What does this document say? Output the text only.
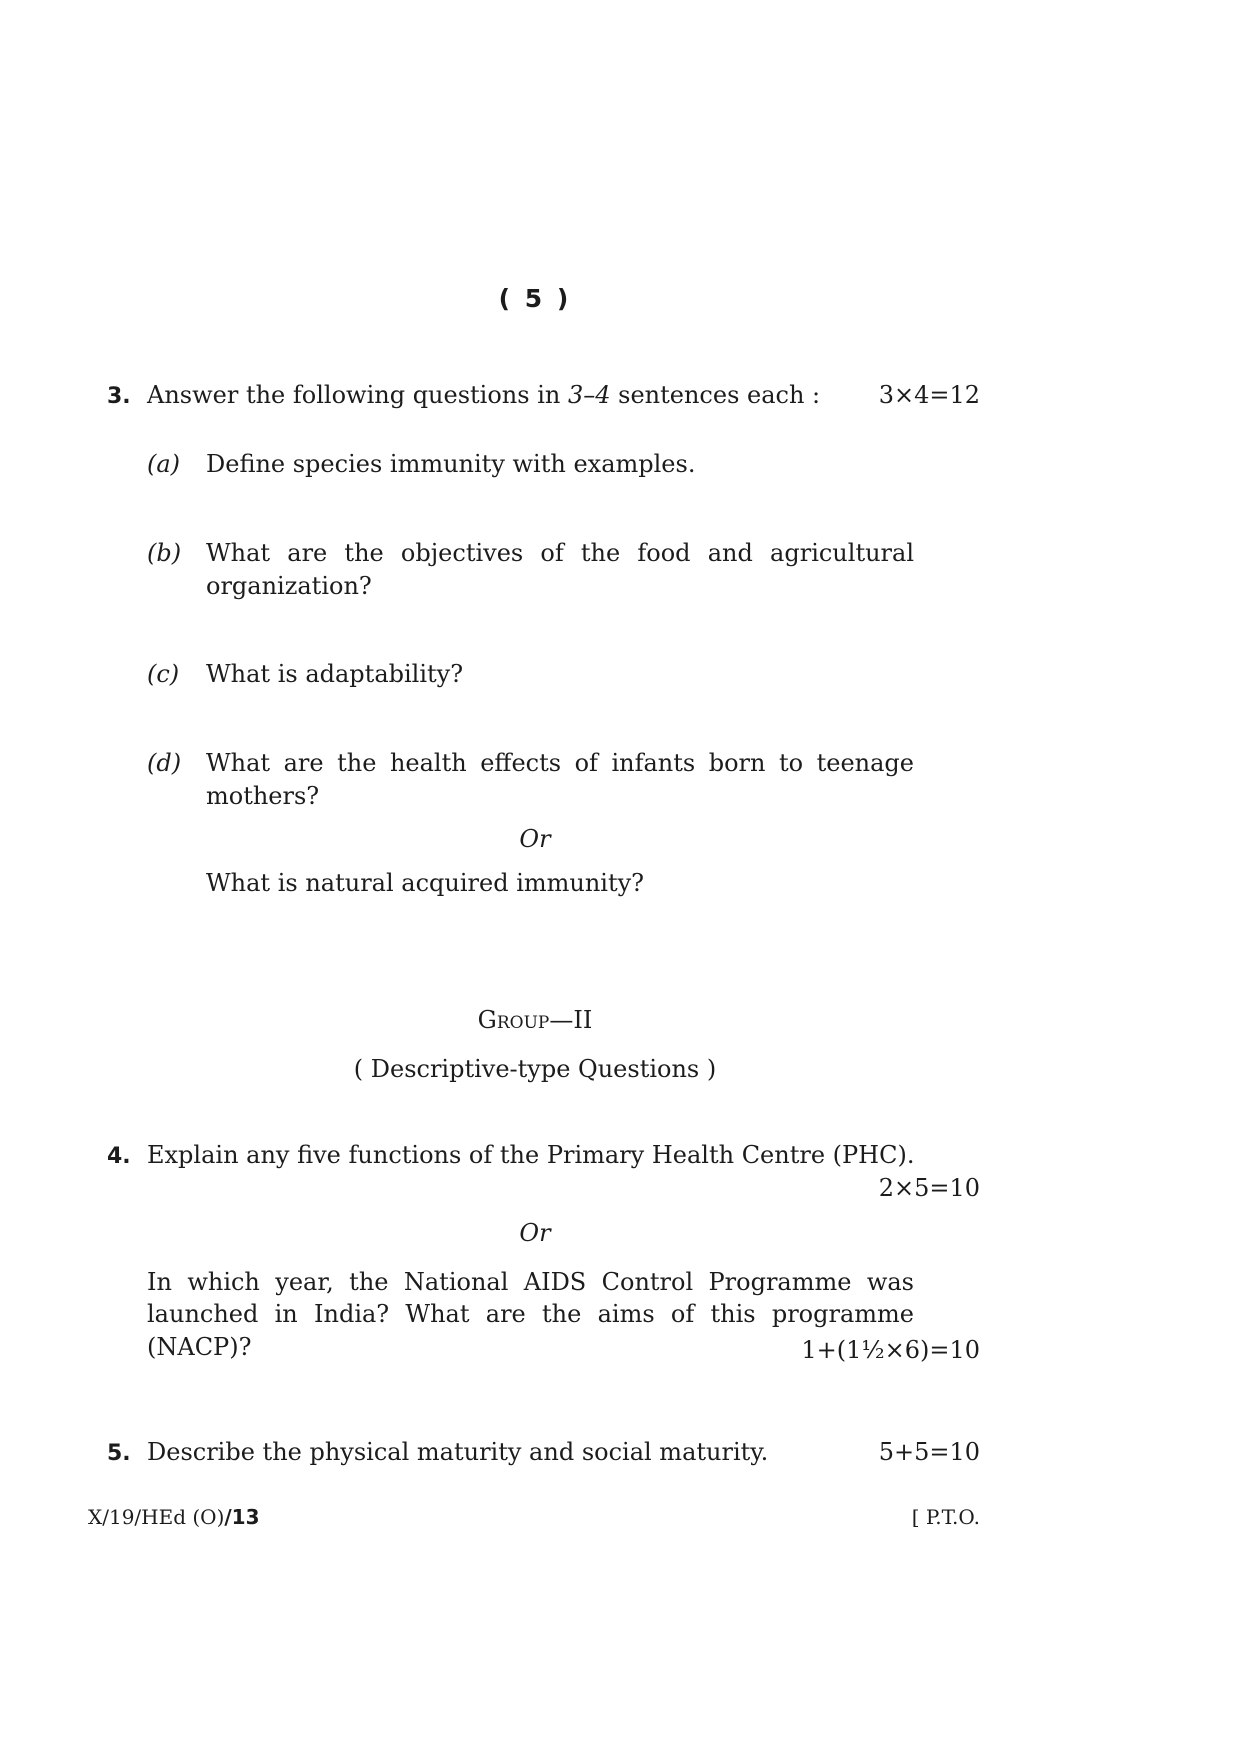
( 5 )
3. Answer the following questions in 3–4 sentences each : 3×4=12
(a) Define species immunity with examples.
(b) What are the objectives of the food and agricultural
organization?
(c) What is adaptability?
(d) What are the health effects of infants born to teenage
mothers?
Or
What is natural acquired immunity?
Group—II
( Descriptive-type Questions )
4. Explain any five functions of the Primary Health Centre (PHC).
2×5=10
Or
In which year, the National AIDS Control Programme was
launched in India? What are the aims of this programme
(NACP)?	1+(1½×6)=10
5. Describe the physical maturity and social maturity.	5+5=10
X/19/HEd (O)/13	[ P.T.O.
